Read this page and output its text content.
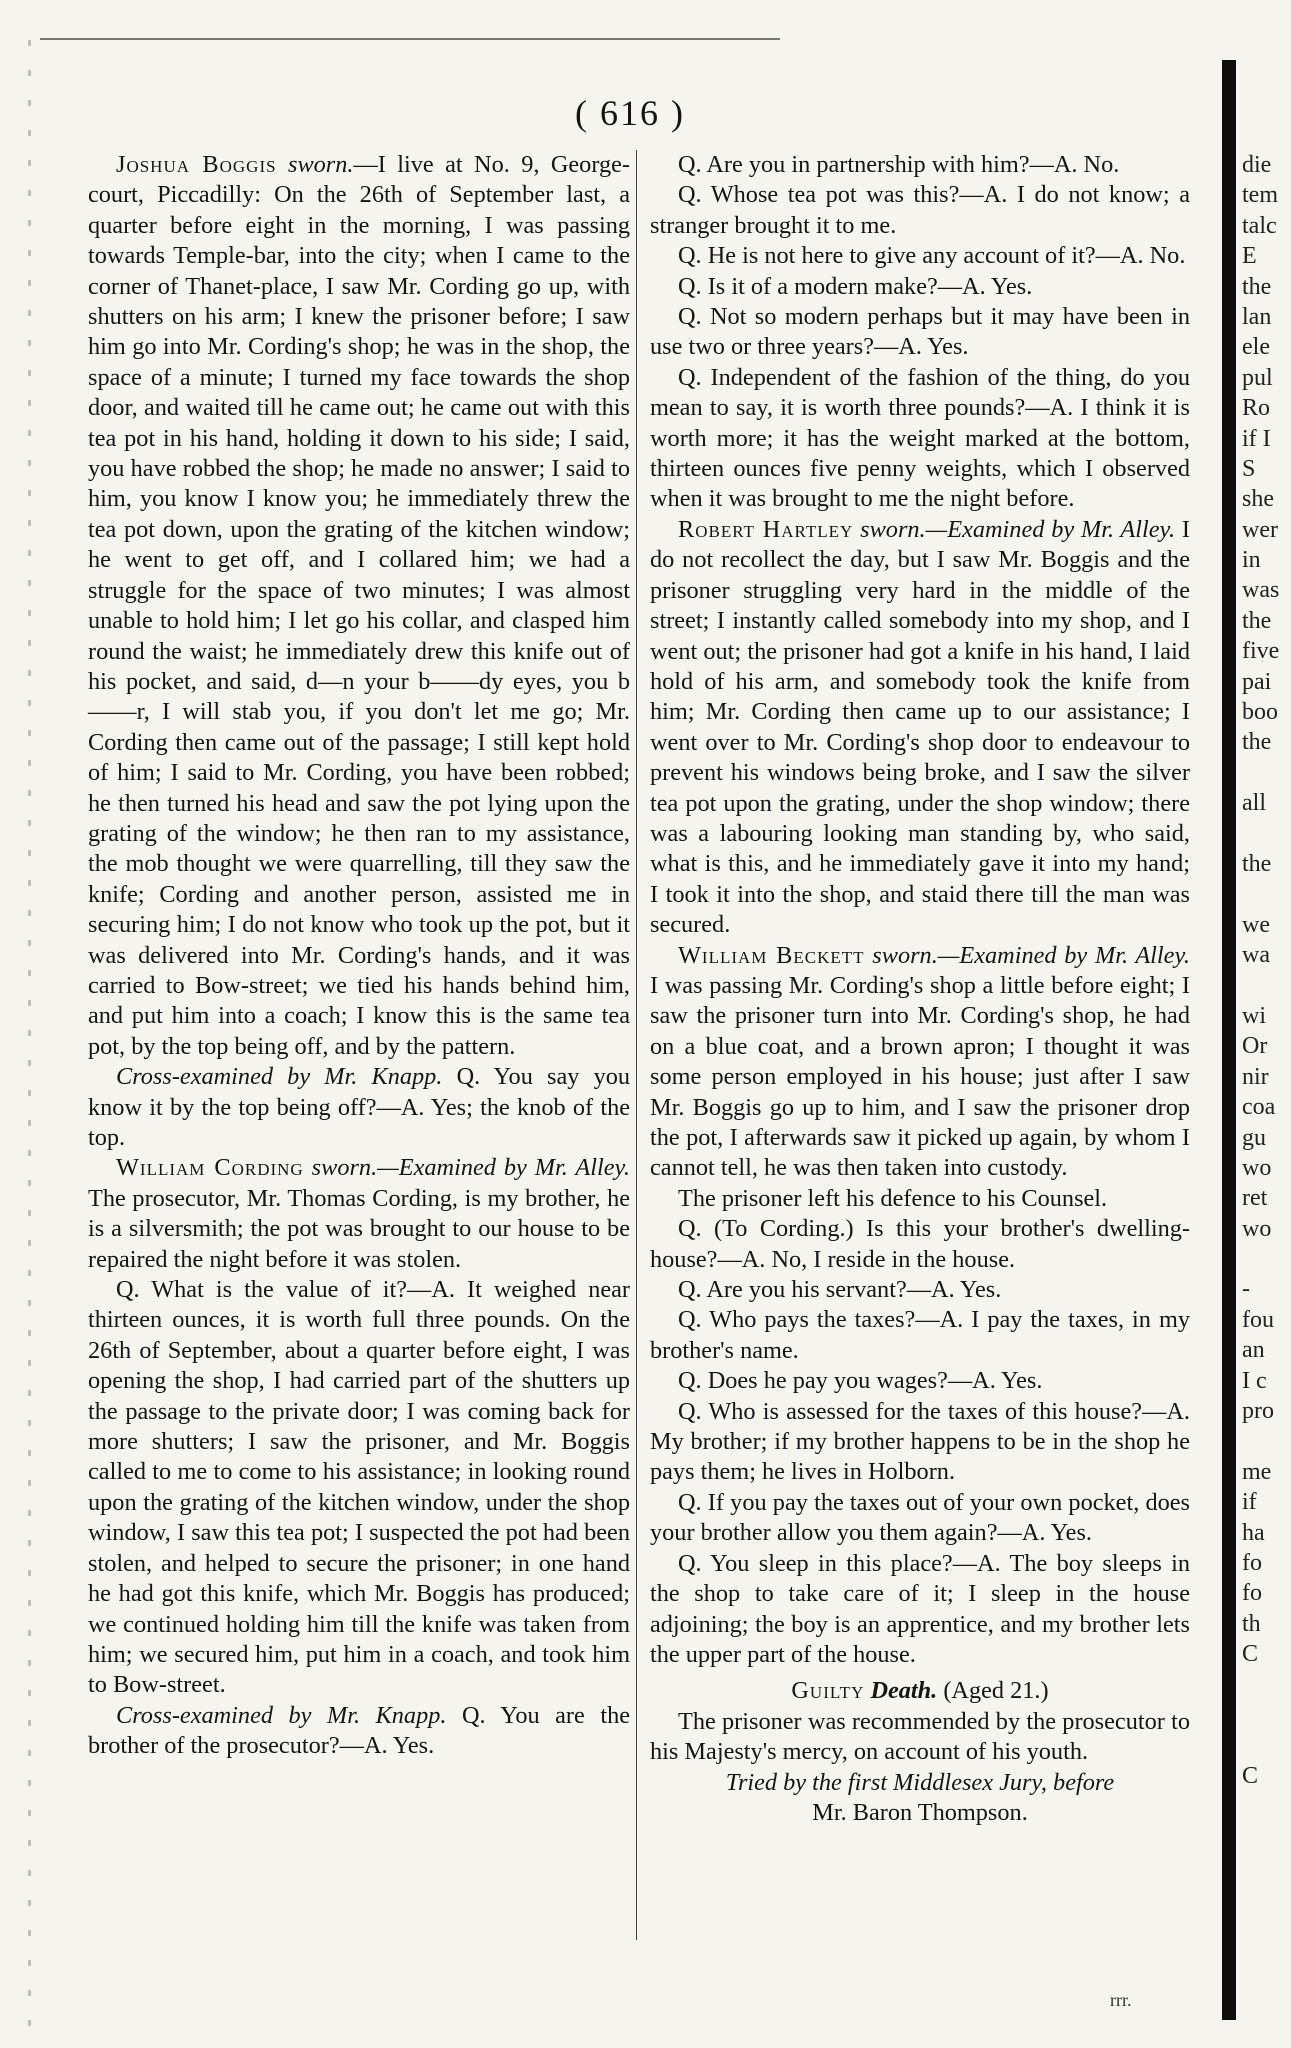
( 616 )

Joshua Boggis sworn.—I live at No. 9, George-court, Piccadilly: On the 26th of September last, a quarter before eight in the morning, I was passing towards Temple-bar, into the city; when I came to the corner of Thanet-place, I saw Mr. Cording go up, with shutters on his arm; I knew the prisoner before; I saw him go into Mr. Cording's shop; he was in the shop, the space of a minute; I turned my face towards the shop door, and waited till he came out; he came out with this tea pot in his hand, holding it down to his side; I said, you have robbed the shop; he made no answer; I said to him, you know I know you; he immediately threw the tea pot down, upon the grating of the kitchen window; he went to get off, and I collared him; we had a struggle for the space of two minutes; I was almost unable to hold him; I let go his collar, and clasped him round the waist; he immediately drew this knife out of his pocket, and said, d—n your b——dy eyes, you b——r, I will stab you, if you don't let me go; Mr. Cording then came out of the passage; I still kept hold of him; I said to Mr. Cording, you have been robbed; he then turned his head and saw the pot lying upon the grating of the window; he then ran to my assistance, the mob thought we were quarrelling, till they saw the knife; Cording and another person, assisted me in securing him; I do not know who took up the pot, but it was delivered into Mr. Cording's hands, and it was carried to Bow-street; we tied his hands behind him, and put him into a coach; I know this is the same tea pot, by the top being off, and by the pattern.

Cross-examined by Mr. Knapp. Q. You say you know it by the top being off?—A. Yes; the knob of the top.

William Cording sworn.—Examined by Mr. Alley. The prosecutor, Mr. Thomas Cording, is my brother, he is a silversmith; the pot was brought to our house to be repaired the night before it was stolen.

Q. What is the value of it?—A. It weighed near thirteen ounces, it is worth full three pounds. On the 26th of September, about a quarter before eight, I was opening the shop, I had carried part of the shutters up the passage to the private door; I was coming back for more shutters; I saw the prisoner, and Mr. Boggis called to me to come to his assistance; in looking round upon the grating of the kitchen window, under the shop window, I saw this tea pot; I suspected the pot had been stolen, and helped to secure the prisoner; in one hand he had got this knife, which Mr. Boggis has produced; we continued holding him till the knife was taken from him; we secured him, put him in a coach, and took him to Bow-street.

Cross-examined by Mr. Knapp. Q. You are the brother of the prosecutor?—A. Yes.

Q. Are you in partnership with him?—A. No.

Q. Whose tea pot was this?—A. I do not know; a stranger brought it to me.

Q. He is not here to give any account of it?—A. No.

Q. Is it of a modern make?—A. Yes.

Q. Not so modern perhaps but it may have been in use two or three years?—A. Yes.

Q. Independent of the fashion of the thing, do you mean to say, it is worth three pounds?—A. I think it is worth more; it has the weight marked at the bottom, thirteen ounces five penny weights, which I observed when it was brought to me the night before.

Robert Hartley sworn.—Examined by Mr. Alley. I do not recollect the day, but I saw Mr. Boggis and the prisoner struggling very hard in the middle of the street; I instantly called somebody into my shop, and I went out; the prisoner had got a knife in his hand, I laid hold of his arm, and somebody took the knife from him; Mr. Cording then came up to our assistance; I went over to Mr. Cording's shop door to endeavour to prevent his windows being broke, and I saw the silver tea pot upon the grating, under the shop window; there was a labouring looking man standing by, who said, what is this, and he immediately gave it into my hand; I took it into the shop, and staid there till the man was secured.

William Beckett sworn.—Examined by Mr. Alley. I was passing Mr. Cording's shop a little before eight; I saw the prisoner turn into Mr. Cording's shop, he had on a blue coat, and a brown apron; I thought it was some person employed in his house; just after I saw Mr. Boggis go up to him, and I saw the prisoner drop the pot, I afterwards saw it picked up again, by whom I cannot tell, he was then taken into custody.

The prisoner left his defence to his Counsel.

Q. (To Cording.) Is this your brother's dwelling-house?—A. No, I reside in the house.

Q. Are you his servant?—A. Yes.

Q. Who pays the taxes?—A. I pay the taxes, in my brother's name.

Q. Does he pay you wages?—A. Yes.

Q. Who is assessed for the taxes of this house?—A. My brother; if my brother happens to be in the shop he pays them; he lives in Holborn.

Q. If you pay the taxes out of your own pocket, does your brother allow you them again?—A. Yes.

Q. You sleep in this place?—A. The boy sleeps in the shop to take care of it; I sleep in the house adjoining; the boy is an apprentice, and my brother lets the upper part of the house.

Guilty Death. (Aged 21.)

The prisoner was recommended by the prosecutor to his Majesty's mercy, on account of his youth.

Tried by the first Middlesex Jury, before

Mr. Baron Thompson.

die
tem
talc
E
the
lan
ele
pul
Ro
if I
S
she
wer
in
was
the
five
pai
boo
the
all
the
we
wa
wi
Or
nir
coa
gu
wo
ret
wo
-
fou
an
I c
pro
me
if
ha
fo
fo
th
C
C
rrr.
